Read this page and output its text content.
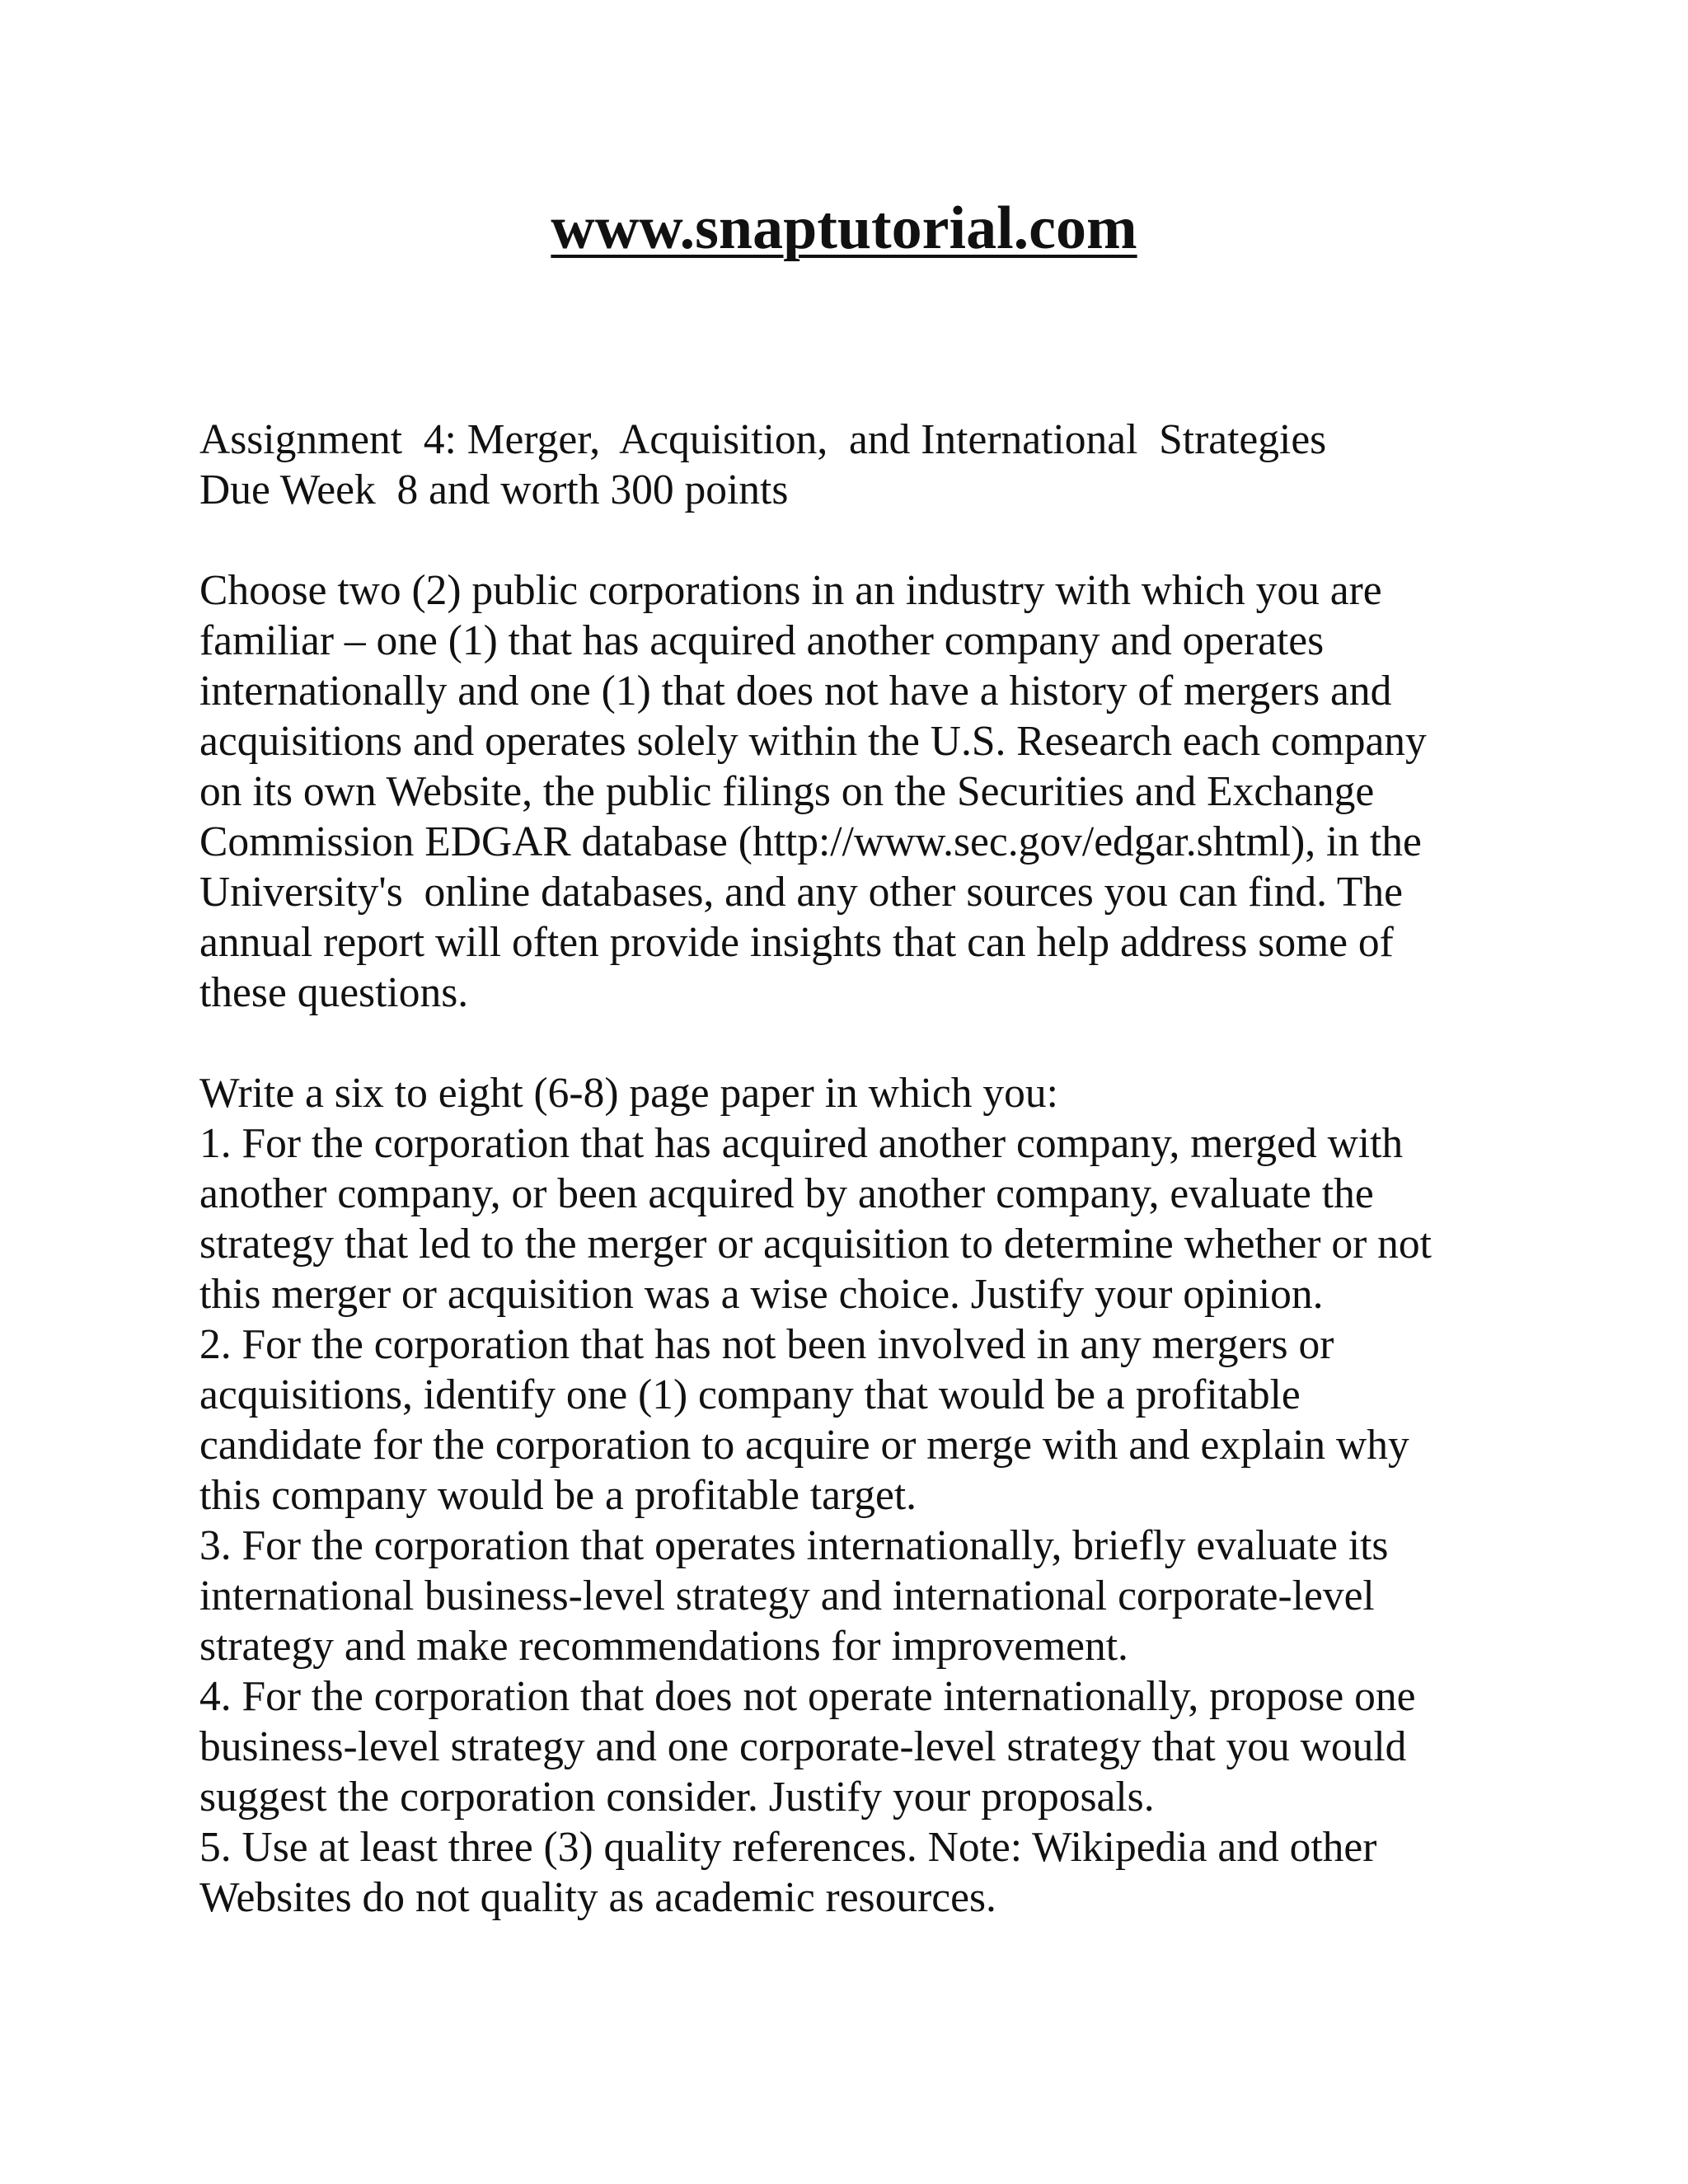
www.snaptutorial.com
Assignment  4: Merger,  Acquisition,  and International  Strategies
Due Week  8 and worth 300 points
Choose two (2) public corporations in an industry with which you are
familiar – one (1) that has acquired another company and operates
internationally and one (1) that does not have a history of mergers and
acquisitions and operates solely within the U.S. Research each company
on its own Website, the public filings on the Securities and Exchange
Commission EDGAR database (http://www.sec.gov/edgar.shtml), in the
University's  online databases, and any other sources you can find. The
annual report will often provide insights that can help address some of
these questions.
Write a six to eight (6-8) page paper in which you:
1. For the corporation that has acquired another company, merged with
another company, or been acquired by another company, evaluate the
strategy that led to the merger or acquisition to determine whether or not
this merger or acquisition was a wise choice. Justify your opinion.
2. For the corporation that has not been involved in any mergers or
acquisitions, identify one (1) company that would be a profitable
candidate for the corporation to acquire or merge with and explain why
this company would be a profitable target.
3. For the corporation that operates internationally, briefly evaluate its
international business-level strategy and international corporate-level
strategy and make recommendations for improvement.
4. For the corporation that does not operate internationally, propose one
business-level strategy and one corporate-level strategy that you would
suggest the corporation consider. Justify your proposals.
5. Use at least three (3) quality references. Note: Wikipedia and other
Websites do not quality as academic resources.
